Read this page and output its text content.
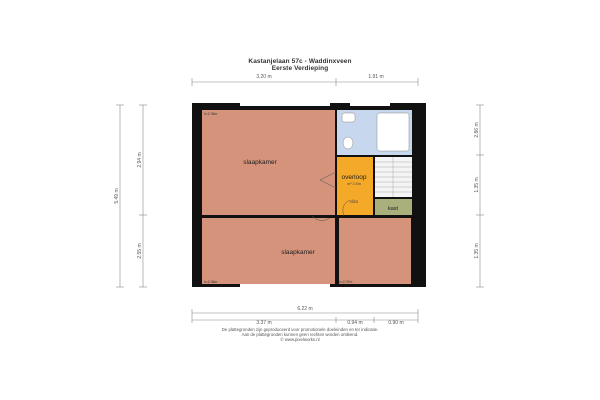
Kastanjelaan 57c - Waddinxveen
Eerste Verdieping
3.20 m	1.91 m
6.22 m
3.37 m	0.94 m	0.90 m
5.49 m
2.94 m
2.55 m
2.86 m
1.35 m
1.35 m
slaapkamer
slaapkamer
overloop
m² 2.5m
vlizo
kast
h=2.36m
h=2.36m	h=2.37m
De plattegronden zijn geproduceerd voor promotionele doeleinden en ter indicatie.
Aan de plattegronden kunnen geen rechten worden ontleend.
© www.pixelworks.nl
